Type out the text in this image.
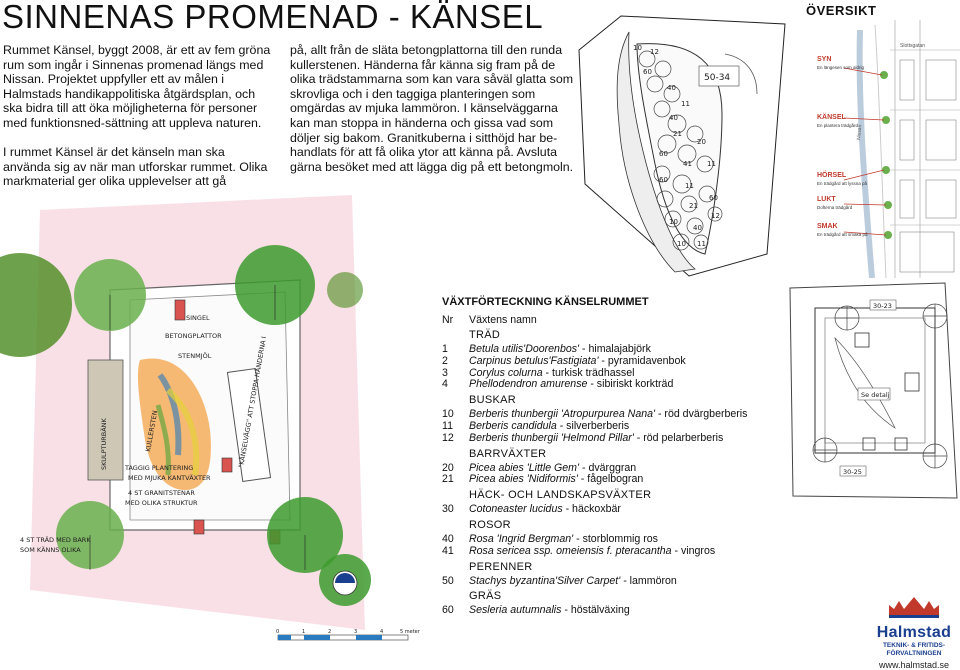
SINNENAS PROMENAD - KÄNSEL
Rummet Känsel, byggt 2008, är ett av fem gröna rum som ingår i Sinnenas promenad längs med Nissan. Projektet uppfyller ett av målen i Halmstads handikappolitiska åtgärdsplan, och ska bidra till att öka möjligheterna för personer med funktionsned-sättning att uppleva naturen.
I rummet Känsel är det känseln man ska använda sig av när man utforskar rummet. Olika markmaterial ger olika upplevelser att gå
på, allt från de släta betongplattorna till den runda kullerstenen. Händerna får känna sig fram på de olika trädstammarna som kan vara såväl glatta som skrovliga och i den taggiga planteringen som omgärdas av mjuka lammöron. I känselväggarna kan man stoppa in händerna och gissa vad som döljer sig bakom. Granitkuberna i sitthöjd har be-handlats för att få olika ytor att känna på. Avsluta gärna besöket med att lägga dig på ett betongmoln.
50-34
10 12
60
40
11
40
21
20
41 11
60
60
11
21
60
10
40
10 11
12
Nissan
Slottsgatan
SYN
En längesen som aldrig
KÄNSEL
En plantera trädgård
HÖRSEL
En trädgård att lyssna på
LUKT
Dofterna trädgård
SMAK
En trädgård att smaka på
ÖVERSIKT
SINGEL
BETONGPLATTOR
STENMJÖL
SKULPTURBÄNK	KULLERSTEN	"KÄNSELVÄGG" ATT STOPPA HÄNDERNA I
TAGGIG PLANTERING
MED MJUKA KANTVÄXTER
4 ST GRANITSTENAR
MED OLIKA STRUKTUR
4 ST TRÄD MED BARK
SOM KÄNNS OLIKA
0	1	2	3	4	5 meter
30-23
30-25
Se detalj
VÄXTFÖRTECKNING KÄNSELRUMMET
Nr	Växtens namn
TRÄD
1	Betula utilis'Doorenbos' - himalajabjörk
2	Carpinus betulus'Fastigiata' - pyramidavenbok
3	Corylus colurna - turkisk trädhassel
4	Phellodendron amurense - sibiriskt korkträd
BUSKAR
10	Berberis thunbergii 'Atropurpurea Nana' - röd dvärgberberis
11	Berberis candidula - silverberberis
12	Berberis thunbergii 'Helmond Pillar' - röd pelarberberis
BARRVÄXTER
20	Picea abies 'Little Gem' - dvärggran
21	Picea abies 'Nidiformis' - fågelbogran
HÄCK- OCH LANDSKAPSVÄXTER
30	Cotoneaster lucidus - häckoxbär
ROSOR
40	Rosa 'Ingrid Bergman' - storblommig ros
41	Rosa sericea ssp. omeiensis f. pteracantha - vingros
PERENNER
50	Stachys byzantina'Silver Carpet' - lammöron
GRÄS
60	Sesleria autumnalis - höstälväxing
Halmstad
TEKNIK- & FRITIDS-
FÖRVALTNINGEN
www.halmstad.se
